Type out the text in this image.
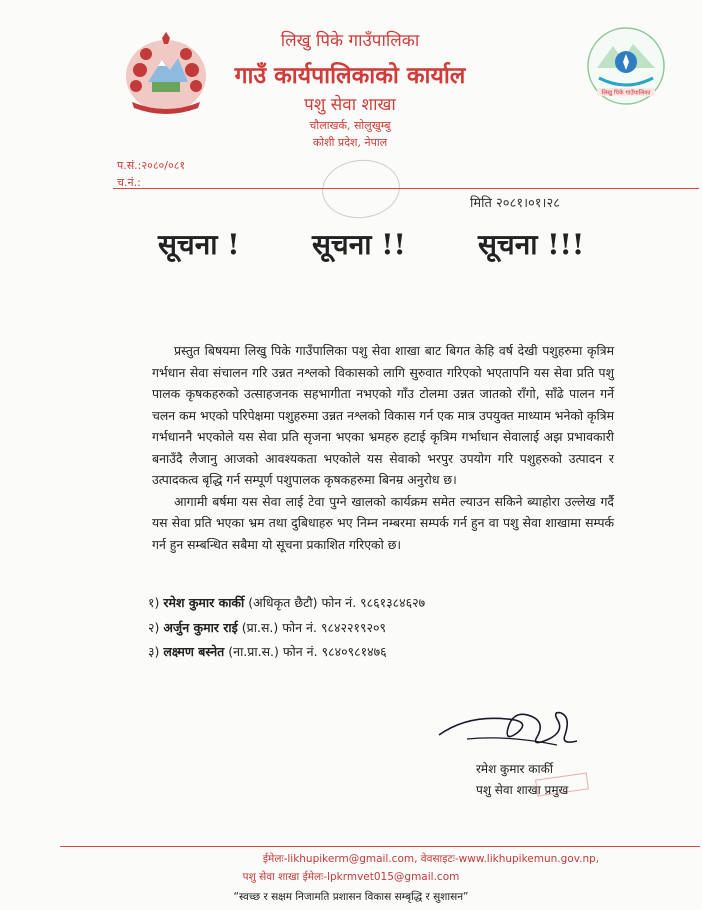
लिखु पिके गाउँपालिका
लिखु पिके गाउँपालिका
गाउँ कार्यपालिकाको कार्याल
पशु सेवा शाखा
चौलाखर्क, सोलुखुम्बु
कोशी प्रदेश, नेपाल
प.सं.:२०८०/०८१
च.नं.:
मिति २०८१।०१।२८
सूचना !	सूचना !!	सूचना !!!

प्रस्तुत बिषयमा लिखु पिके गाउँपालिका पशु सेवा शाखा बाट बिगत केहि वर्ष देखी पशुहरुमा कृत्रिम गर्भधान सेवा संचालन गरि उन्नत नश्लको विकासको लागि सुरुवात गरिएको भएतापनि यस सेवा प्रति पशु पालक कृषकहरुको उत्साहजनक सहभागीता नभएको गाँउ टोलमा उन्नत जातको राँगो, साँढे पालन गर्ने चलन कम भएको परिपेक्षमा पशुहरुमा उन्नत नश्लको विकास गर्न एक मात्र उपयुक्त माध्याम भनेको कृत्रिम गर्भधाननै भएकोले यस सेवा प्रति सृजना भएका भ्रमहरु हटाई कृत्रिम गर्भाधान सेवालाई अझ प्रभावकारी बनाउँदै लैजानु आजको आवश्यकता भएकोले यस सेवाको भरपुर उपयोग गरि पशुहरुको उत्पादन र उत्पादकत्व बृद्धि गर्न सम्पूर्ण पशुपालक कृषकहरुमा बिनम्र अनुरोध छ।

आगामी बर्षमा यस सेवा लाई टेवा पुग्ने खालको कार्यक्रम समेत ल्याउन सकिने ब्याहोरा उल्लेख गर्दै यस सेवा प्रति भएका भ्रम तथा दुबिधाहरु भए निम्न नम्बरमा सम्पर्क गर्न हुन वा पशु सेवा शाखामा सम्पर्क गर्न हुन सम्बन्धित सबैमा यो सूचना प्रकाशित गरिएको छ।

१) रमेश कुमार कार्की (अधिकृत छैटौ) फोन नं. ९८६१३८४६२७
२) अर्जुन कुमार राई (प्रा.स.) फोन नं. ९८४२२१९२०९
३) लक्ष्मण बस्नेत (ना.प्रा.स.) फोन नं. ९८४०९८१४७६
रमेश कुमार कार्की
पशु सेवा शाखा प्रमुख

ईमेलः-likhupikerm@gmail.com, वेवसाइटः-www.likhupikemun.gov.np,
पशु सेवा शाखा ईमेलः-lpkrmvet015@gmail.com
“स्वच्छ र सक्षम निजामति प्रशासन विकास सम्बृद्धि र सुशासन”
